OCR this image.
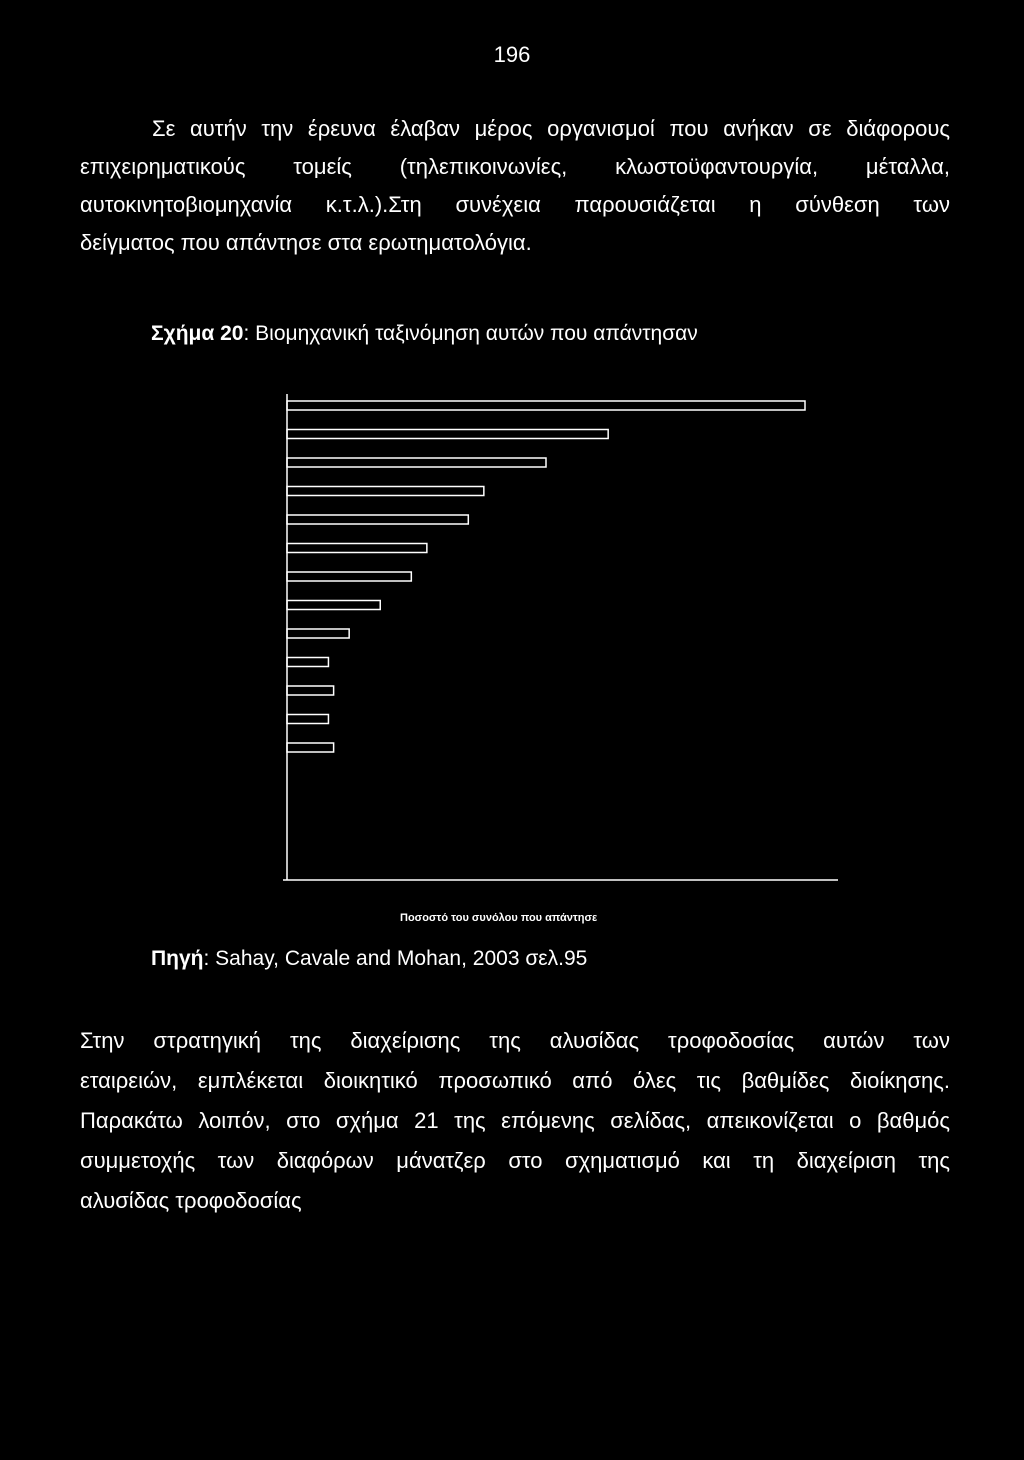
196
Σε αυτήν την έρευνα έλαβαν μέρος οργανισμοί που ανήκαν σε διάφορους
επιχειρηματικούς τομείς (τηλεπικοινωνίες, κλωστοϋφαντουργία, μέταλλα,
αυτοκινητοβιομηχανία κ.τ.λ.).Στη συνέχεια παρουσιάζεται η σύνθεση των
δείγματος που απάντησε στα ερωτηματολόγια.
Σχήμα 20: Βιομηχανική ταξινόμηση αυτών που απάντησαν
Ποσοστό του συνόλου που απάντησε
Πηγή: Sahay, Cavale and Mohan, 2003 σελ.95
Στην στρατηγική της διαχείρισης της αλυσίδας τροφοδοσίας αυτών των
εταιρειών, εμπλέκεται διοικητικό προσωπικό από όλες τις βαθμίδες διοίκησης.
Παρακάτω λοιπόν, στο σχήμα 21 της επόμενης σελίδας, απεικονίζεται ο βαθμός
συμμετοχής των διαφόρων μάνατζερ στο σχηματισμό και τη διαχείριση της
αλυσίδας τροφοδοσίας
